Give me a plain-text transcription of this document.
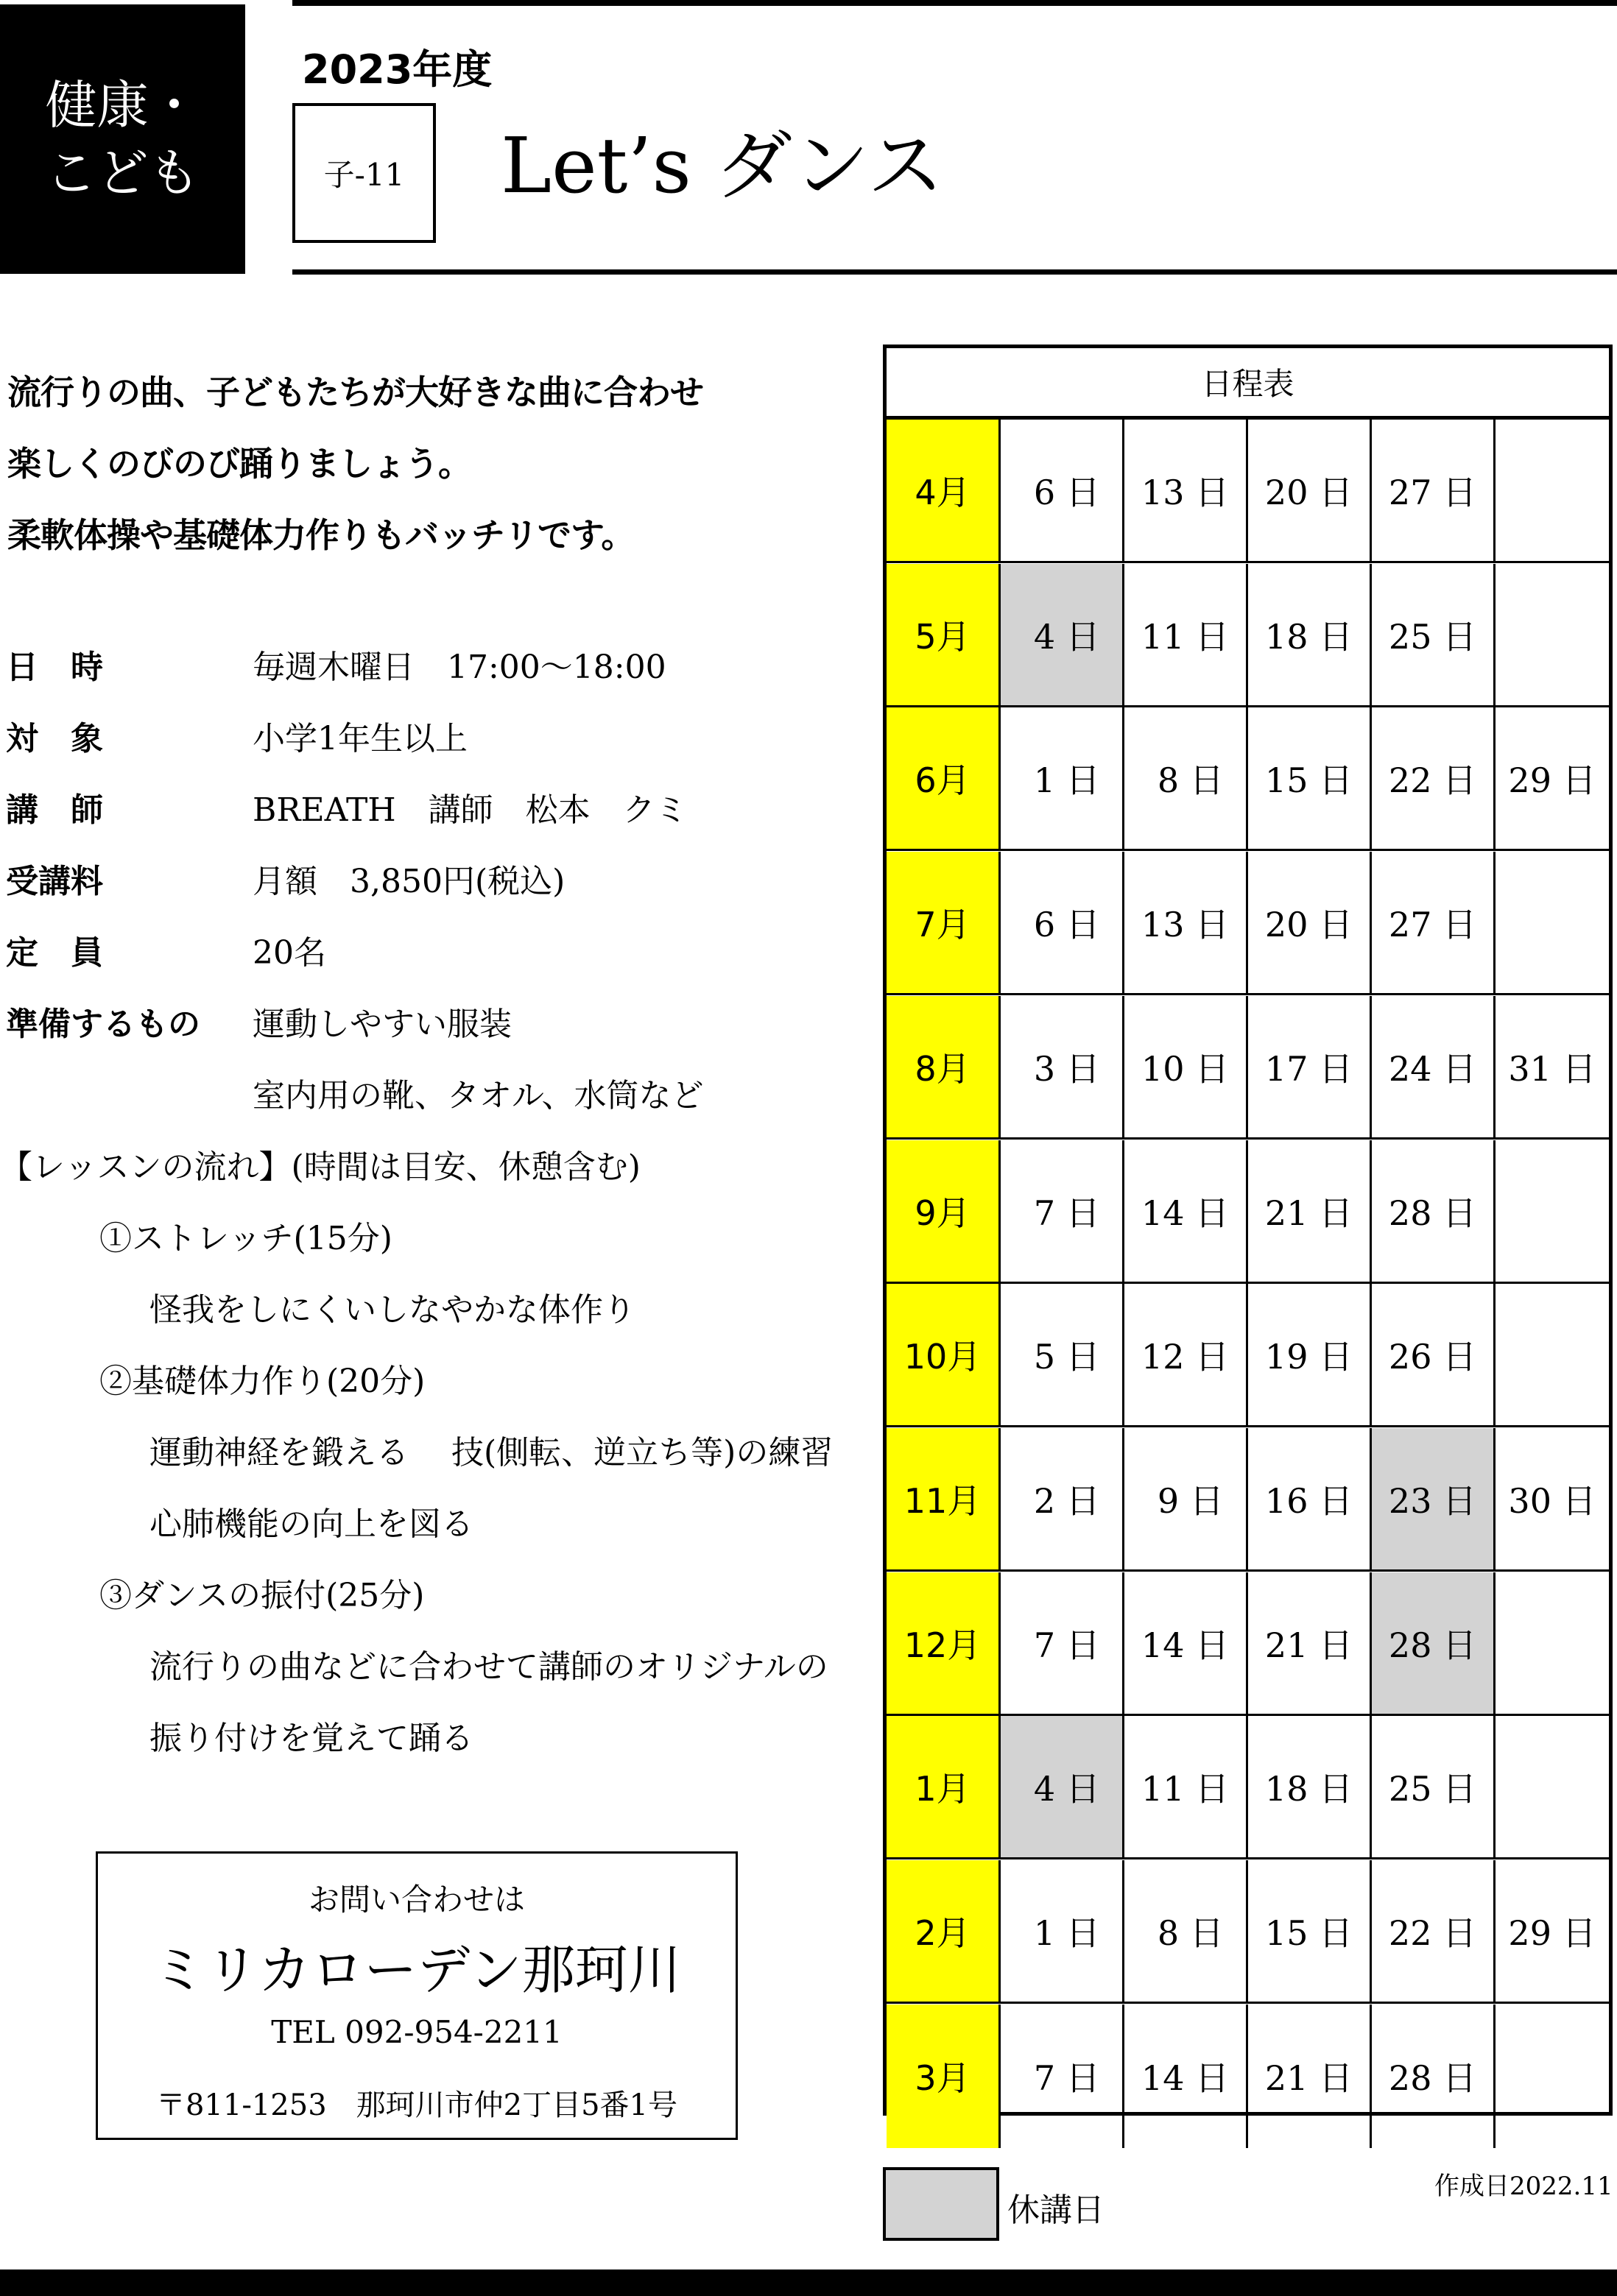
健康・
こども
2023年度
子-11 Let’s ダンス
流行りの曲、子どもたちが大好きな曲に合わせ
楽しくのびのび踊りましょう。
柔軟体操や基礎体力作りもバッチリです。
日　時	毎週木曜日　17:00～18:00
対　象	小学1年生以上
講　師	BREATH　講師　松本　クミ
受講料	月額　3,850円(税込)
定　員	20名
準備するもの 運動しやすい服装
室内用の靴、タオル、水筒など
【レッスンの流れ】(時間は目安、休憩含む)
①ストレッチ(15分)
怪我をしにくいしなやかな体作り
②基礎体力作り(20分)
運動神経を鍛える　 技(側転、逆立ち等)の練習
心肺機能の向上を図る
③ダンスの振付(25分)
流行りの曲などに合わせて講師のオリジナルの
振り付けを覚えて踊る
お問い合わせは
ミリカローデン那珂川
TEL 092-954-2211
〒811-1253　那珂川市仲2丁目5番1号
日程表
4月	6 日	13 日	20 日	27 日
5月	4 日	11 日	18 日	25 日
6月	1 日	8 日	15 日	22 日 29 日
7月	6 日	13 日	20 日	27 日
8月	3 日	10 日	17 日	24 日 31 日
9月	7 日	14 日	21 日	28 日
10月	5 日	12 日	19 日	26 日
11月	2 日	9 日	16 日	23 日 30 日
12月	7 日	14 日	21 日	28 日
1月	4 日	11 日	18 日	25 日
2月	1 日	8 日	15 日	22 日 29 日
3月	7 日	14 日	21 日	28 日
休講日
作成日2022.11
